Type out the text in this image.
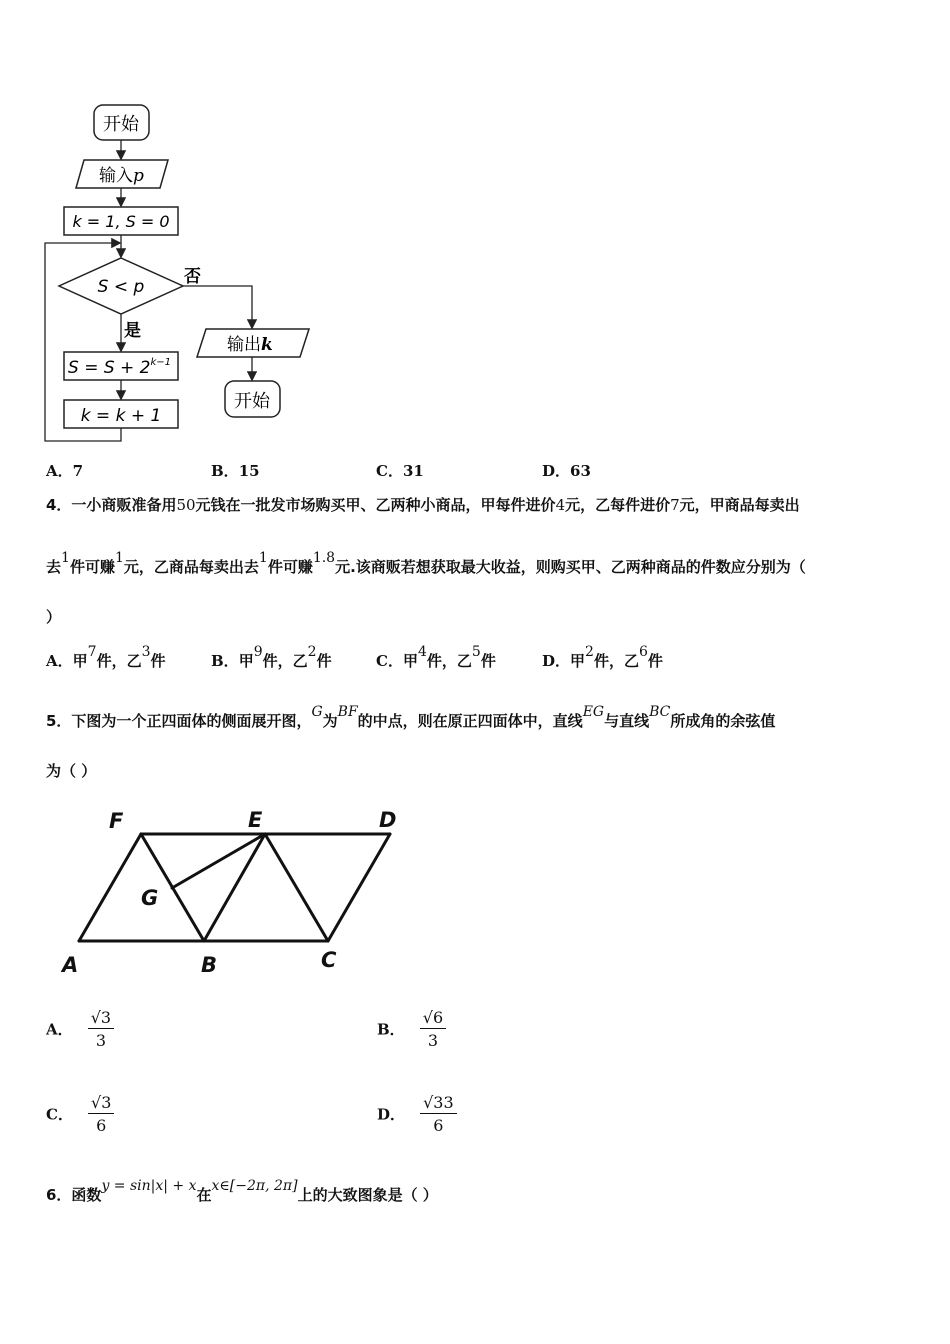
开始
输入p
k = 1, S = 0
S < p 否
是
输出k
开始
$S = S + 2^{k-1}$
k = k + 1
A．7	B．15	C．31	D．63
4．一小商贩准备用50元钱在一批发市场购买甲、乙两种小商品，甲每件进价4元，乙每件进价7元，甲商品每卖出
去1件可赚1元，乙商品每卖出去1件可赚1.8元.该商贩若想获取最大收益，则购买甲、乙两种商品的件数应分别为（
）
A．甲7件，乙3件	B．甲9件，乙2件	C．甲4件，乙5件	D．甲2件，乙6件
5．下图为一个正四面体的侧面展开图，G为BF的中点，则在原正四面体中，直线EG与直线BC所成角的余弦值
为（ ）
F	E	D
G
A	B	C
A． $\frac{√3}{3}$	B． $\frac{√6}{3}$
C． $\frac{√3}{6}$	D． $\frac{√33}{6}$
6．函数y = sin|x| + x在x∈[−2π, 2π]上的大致图象是（ ）
